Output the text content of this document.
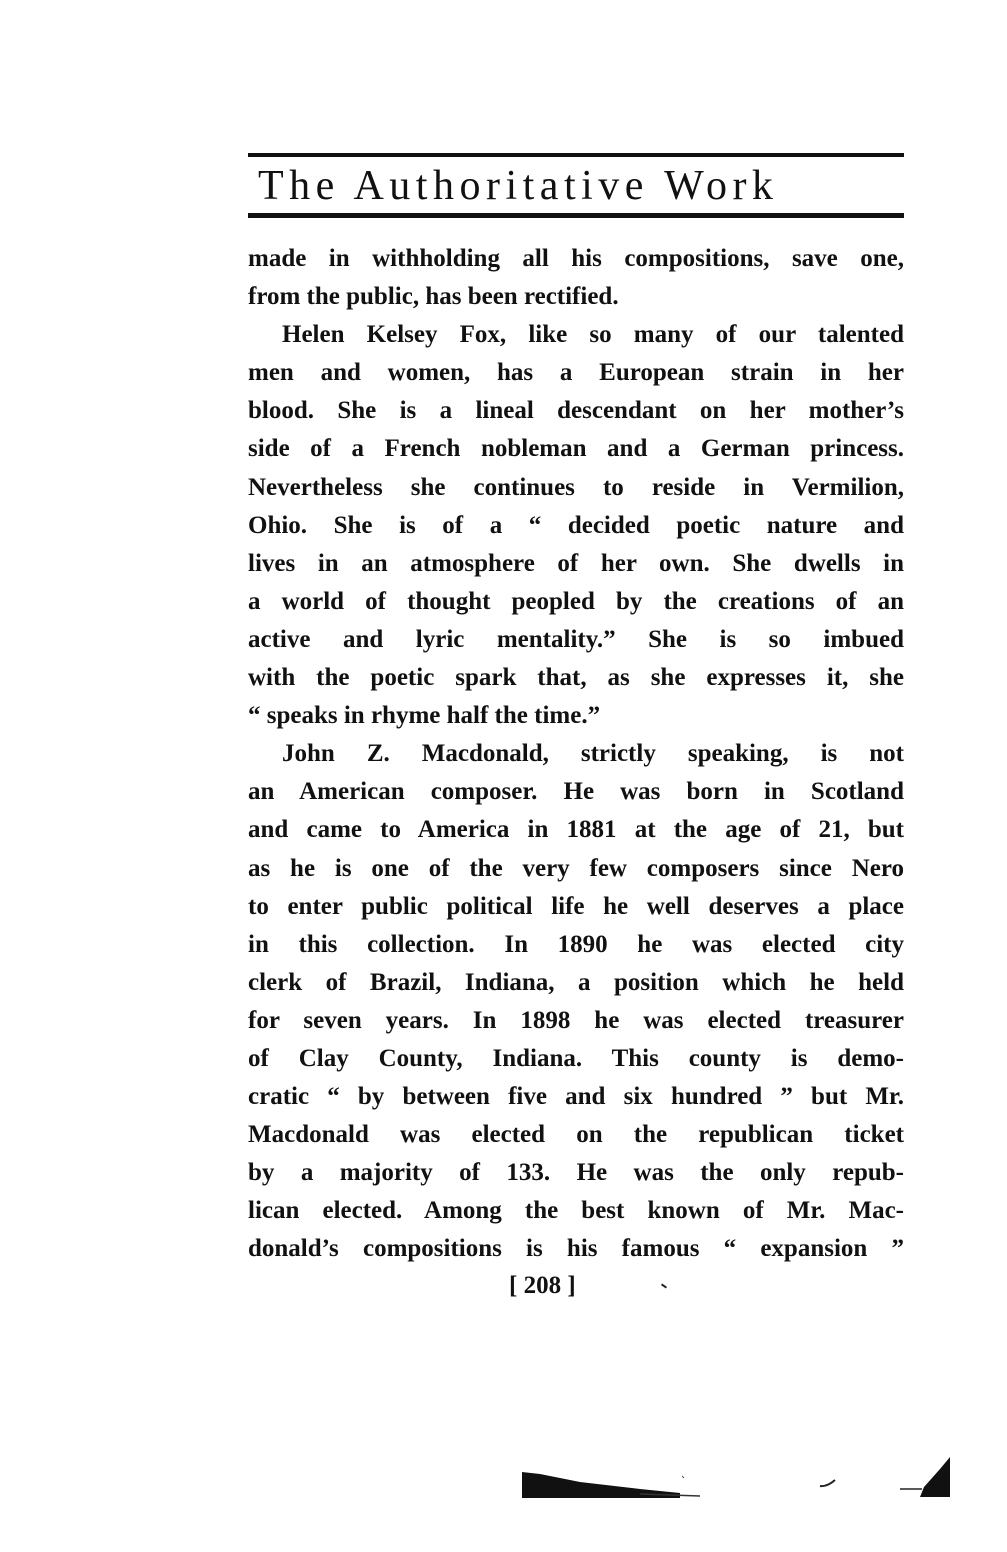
The Authoritative Work
made in withholding all his compositions, save one,
from the public, has been rectified.
Helen Kelsey Fox, like so many of our talented
men and women, has a European strain in her
blood. She is a lineal descendant on her mother’s
side of a French nobleman and a German princess.
Nevertheless she continues to reside in Vermilion,
Ohio. She is of a “ decided poetic nature and
lives in an atmosphere of her own. She dwells in
a world of thought peopled by the creations of an
active and lyric mentality.” She is so imbued
with the poetic spark that, as she expresses it, she
“ speaks in rhyme half the time.”
John Z. Macdonald, strictly speaking, is not
an American composer. He was born in Scotland
and came to America in 1881 at the age of 21, but
as he is one of the very few composers since Nero
to enter public political life he well deserves a place
in this collection. In 1890 he was elected city
clerk of Brazil, Indiana, a position which he held
for seven years. In 1898 he was elected treasurer
of Clay County, Indiana. This county is demo-
cratic “ by between five and six hundred ” but Mr.
Macdonald was elected on the republican ticket
by a majority of 133. He was the only repub-
lican elected. Among the best known of Mr. Mac-
donald’s compositions is his famous “ expansion ”
[ 208 ]
